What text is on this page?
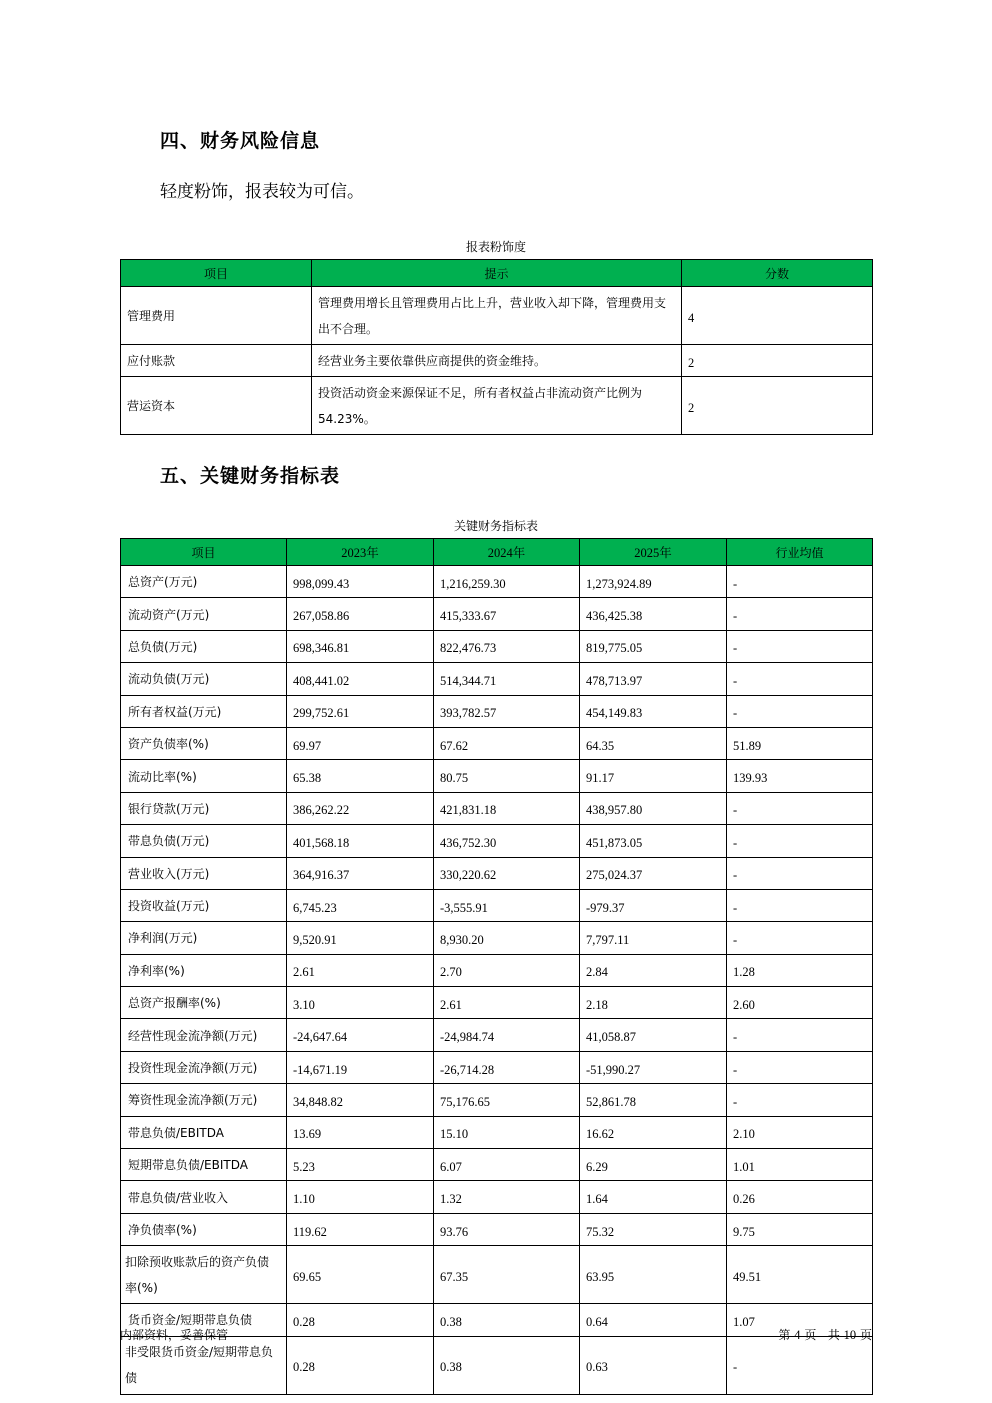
四、财务风险信息

轻度粉饰，报表较为可信。

报表粉饰度
项目	提示	分数
管理费用	管理费用增长且管理费用占比上升，营业收入却下降，管理费用支出不合理。	4
应付账款	经营业务主要依靠供应商提供的资金维持。	2
营运资本	投资活动资金来源保证不足，所有者权益占非流动资产比例为54.23%。	2
五、关键财务指标表
关键财务指标表
项目	2023年	2024年	2025年	行业均值
总资产(万元)	998,099.43	1,216,259.30	1,273,924.89	-
流动资产(万元)	267,058.86	415,333.67	436,425.38	-
总负债(万元)	698,346.81	822,476.73	819,775.05	-
流动负债(万元)	408,441.02	514,344.71	478,713.97	-
所有者权益(万元)	299,752.61	393,782.57	454,149.83	-
资产负债率(%)	69.97	67.62	64.35	51.89
流动比率(%)	65.38	80.75	91.17	139.93
银行贷款(万元)	386,262.22	421,831.18	438,957.80	-
带息负债(万元)	401,568.18	436,752.30	451,873.05	-
营业收入(万元)	364,916.37	330,220.62	275,024.37	-
投资收益(万元)	6,745.23	-3,555.91	-979.37	-
净利润(万元)	9,520.91	8,930.20	7,797.11	-
净利率(%)	2.61	2.70	2.84	1.28
总资产报酬率(%)	3.10	2.61	2.18	2.60
经营性现金流净额(万元)	-24,647.64	-24,984.74	41,058.87	-
投资性现金流净额(万元)	-14,671.19	-26,714.28	-51,990.27	-
筹资性现金流净额(万元)	34,848.82	75,176.65	52,861.78	-
带息负债/EBITDA	13.69	15.10	16.62	2.10
短期带息负债/EBITDA	5.23	6.07	6.29	1.01
带息负债/营业收入	1.10	1.32	1.64	0.26
净负债率(%)	119.62	93.76	75.32	9.75
扣除预收账款后的资产负债率(%)	69.65	67.35	63.95	49.51
货币资金/短期带息负债	0.28	0.38	0.64	1.07
非受限货币资金/短期带息负债	0.28	0.38	0.63	-
内部资料，妥善保管	第 4 页 共 10 页
